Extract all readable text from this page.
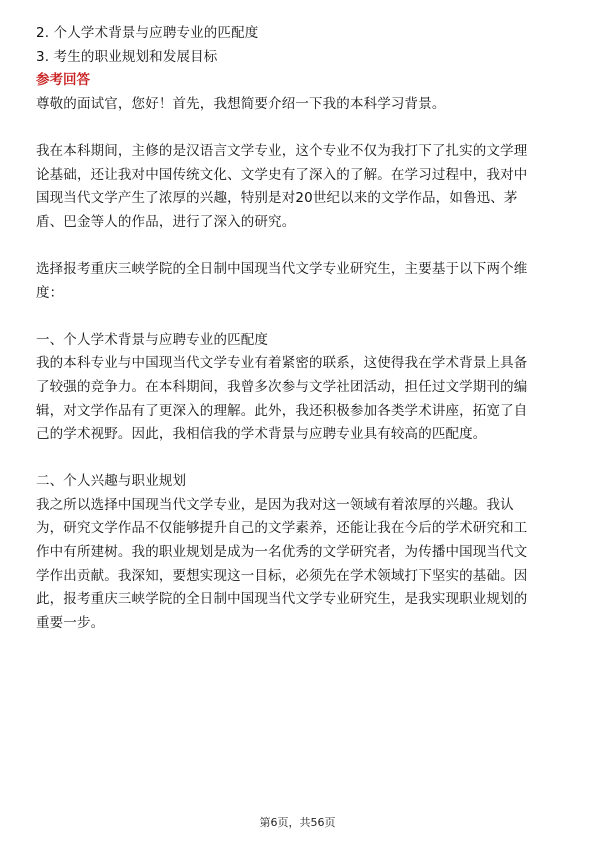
2. 个人学术背景与应聘专业的匹配度
3. 考生的职业规划和发展目标
参考回答
尊敬的面试官，您好！首先，我想简要介绍一下我的本科学习背景。
我在本科期间，主修的是汉语言文学专业，这个专业不仅为我打下了扎实的文学理
论基础，还让我对中国传统文化、文学史有了深入的了解。在学习过程中，我对中
国现当代文学产生了浓厚的兴趣，特别是对20世纪以来的文学作品，如鲁迅、茅
盾、巴金等人的作品，进行了深入的研究。
选择报考重庆三峡学院的全日制中国现当代文学专业研究生，主要基于以下两个维
度：
一、个人学术背景与应聘专业的匹配度
我的本科专业与中国现当代文学专业有着紧密的联系，这使得我在学术背景上具备
了较强的竞争力。在本科期间，我曾多次参与文学社团活动，担任过文学期刊的编
辑，对文学作品有了更深入的理解。此外，我还积极参加各类学术讲座，拓宽了自
己的学术视野。因此，我相信我的学术背景与应聘专业具有较高的匹配度。
二、个人兴趣与职业规划
我之所以选择中国现当代文学专业，是因为我对这一领域有着浓厚的兴趣。我认
为，研究文学作品不仅能够提升自己的文学素养，还能让我在今后的学术研究和工
作中有所建树。我的职业规划是成为一名优秀的文学研究者，为传播中国现当代文
学作出贡献。我深知，要想实现这一目标，必须先在学术领域打下坚实的基础。因
此，报考重庆三峡学院的全日制中国现当代文学专业研究生，是我实现职业规划的
重要一步。
第6页，共56页
